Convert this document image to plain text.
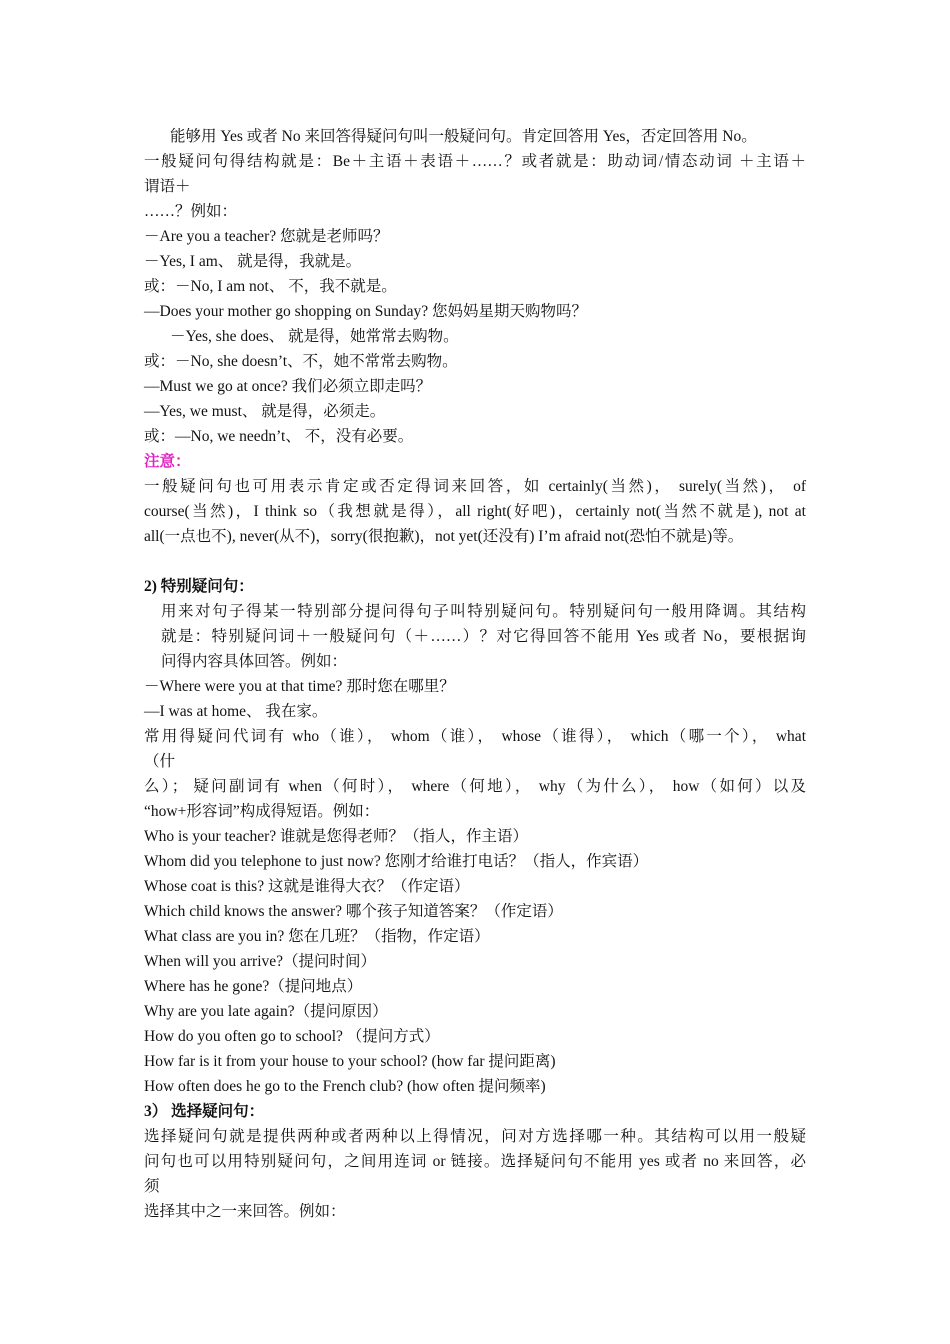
能够用 Yes 或者 No 来回答得疑问句叫一般疑问句。肯定回答用 Yes，否定回答用 No。
一般疑问句得结构就是：Be＋主语＋表语＋……？或者就是：助动词/情态动词 ＋主语＋
谓语＋
……？例如：
－Are you a teacher? 您就是老师吗？
－Yes, I am、 就是得，我就是。
或：－No, I am not、 不，我不就是。
—Does your mother go shopping on Sunday? 您妈妈星期天购物吗？
－Yes, she does、 就是得，她常常去购物。
或：－No, she doesn’t、不，她不常常去购物。
—Must we go at once? 我们必须立即走吗？
—Yes, we must、 就是得，必须走。
或：—No, we needn’t、 不，没有必要。
注意：
一般疑问句也可用表示肯定或否定得词来回答，如 certainly(当然)， surely(当然)， of
course(当然)，I think so（我想就是得），all right(好吧)，certainly not(当然不就是), not at
all(一点也不), never(从不)，sorry(很抱歉)，not yet(还没有) I’m afraid not(恐怕不就是)等。
2) 特别疑问句：
用来对句子得某一特别部分提问得句子叫特别疑问句。特别疑问句一般用降调。其结构
就是：特别疑问词＋一般疑问句（＋……）？对它得回答不能用 Yes 或者 No，要根据询
问得内容具体回答。例如：
－Where were you at that time? 那时您在哪里？
—I was at home、 我在家。
常用得疑问代词有 who（谁）， whom（谁）， whose（谁得）， which（哪一个）， what
（什
么）； 疑问副词有 when（何时）， where（何地）， why（为什么）， how（如何）以及
“how+形容词”构成得短语。例如：
Who is your teacher? 谁就是您得老师？（指人，作主语）
Whom did you telephone to just now? 您刚才给谁打电话？（指人，作宾语）
Whose coat is this? 这就是谁得大衣？（作定语）
Which child knows the answer? 哪个孩子知道答案？（作定语）
What class are you in? 您在几班？（指物，作定语）
When will you arrive?（提问时间）
Where has he gone?（提问地点）
Why are you late again?（提问原因）
How do you often go to school? （提问方式）
How far is it from your house to your school? (how far 提问距离)
How often does he go to the French club? (how often 提问频率)
3） 选择疑问句：
选择疑问句就是提供两种或者两种以上得情况，问对方选择哪一种。其结构可以用一般疑
问句也可以用特别疑问句，之间用连词 or 链接。选择疑问句不能用 yes 或者 no 来回答，必
须
选择其中之一来回答。例如：
